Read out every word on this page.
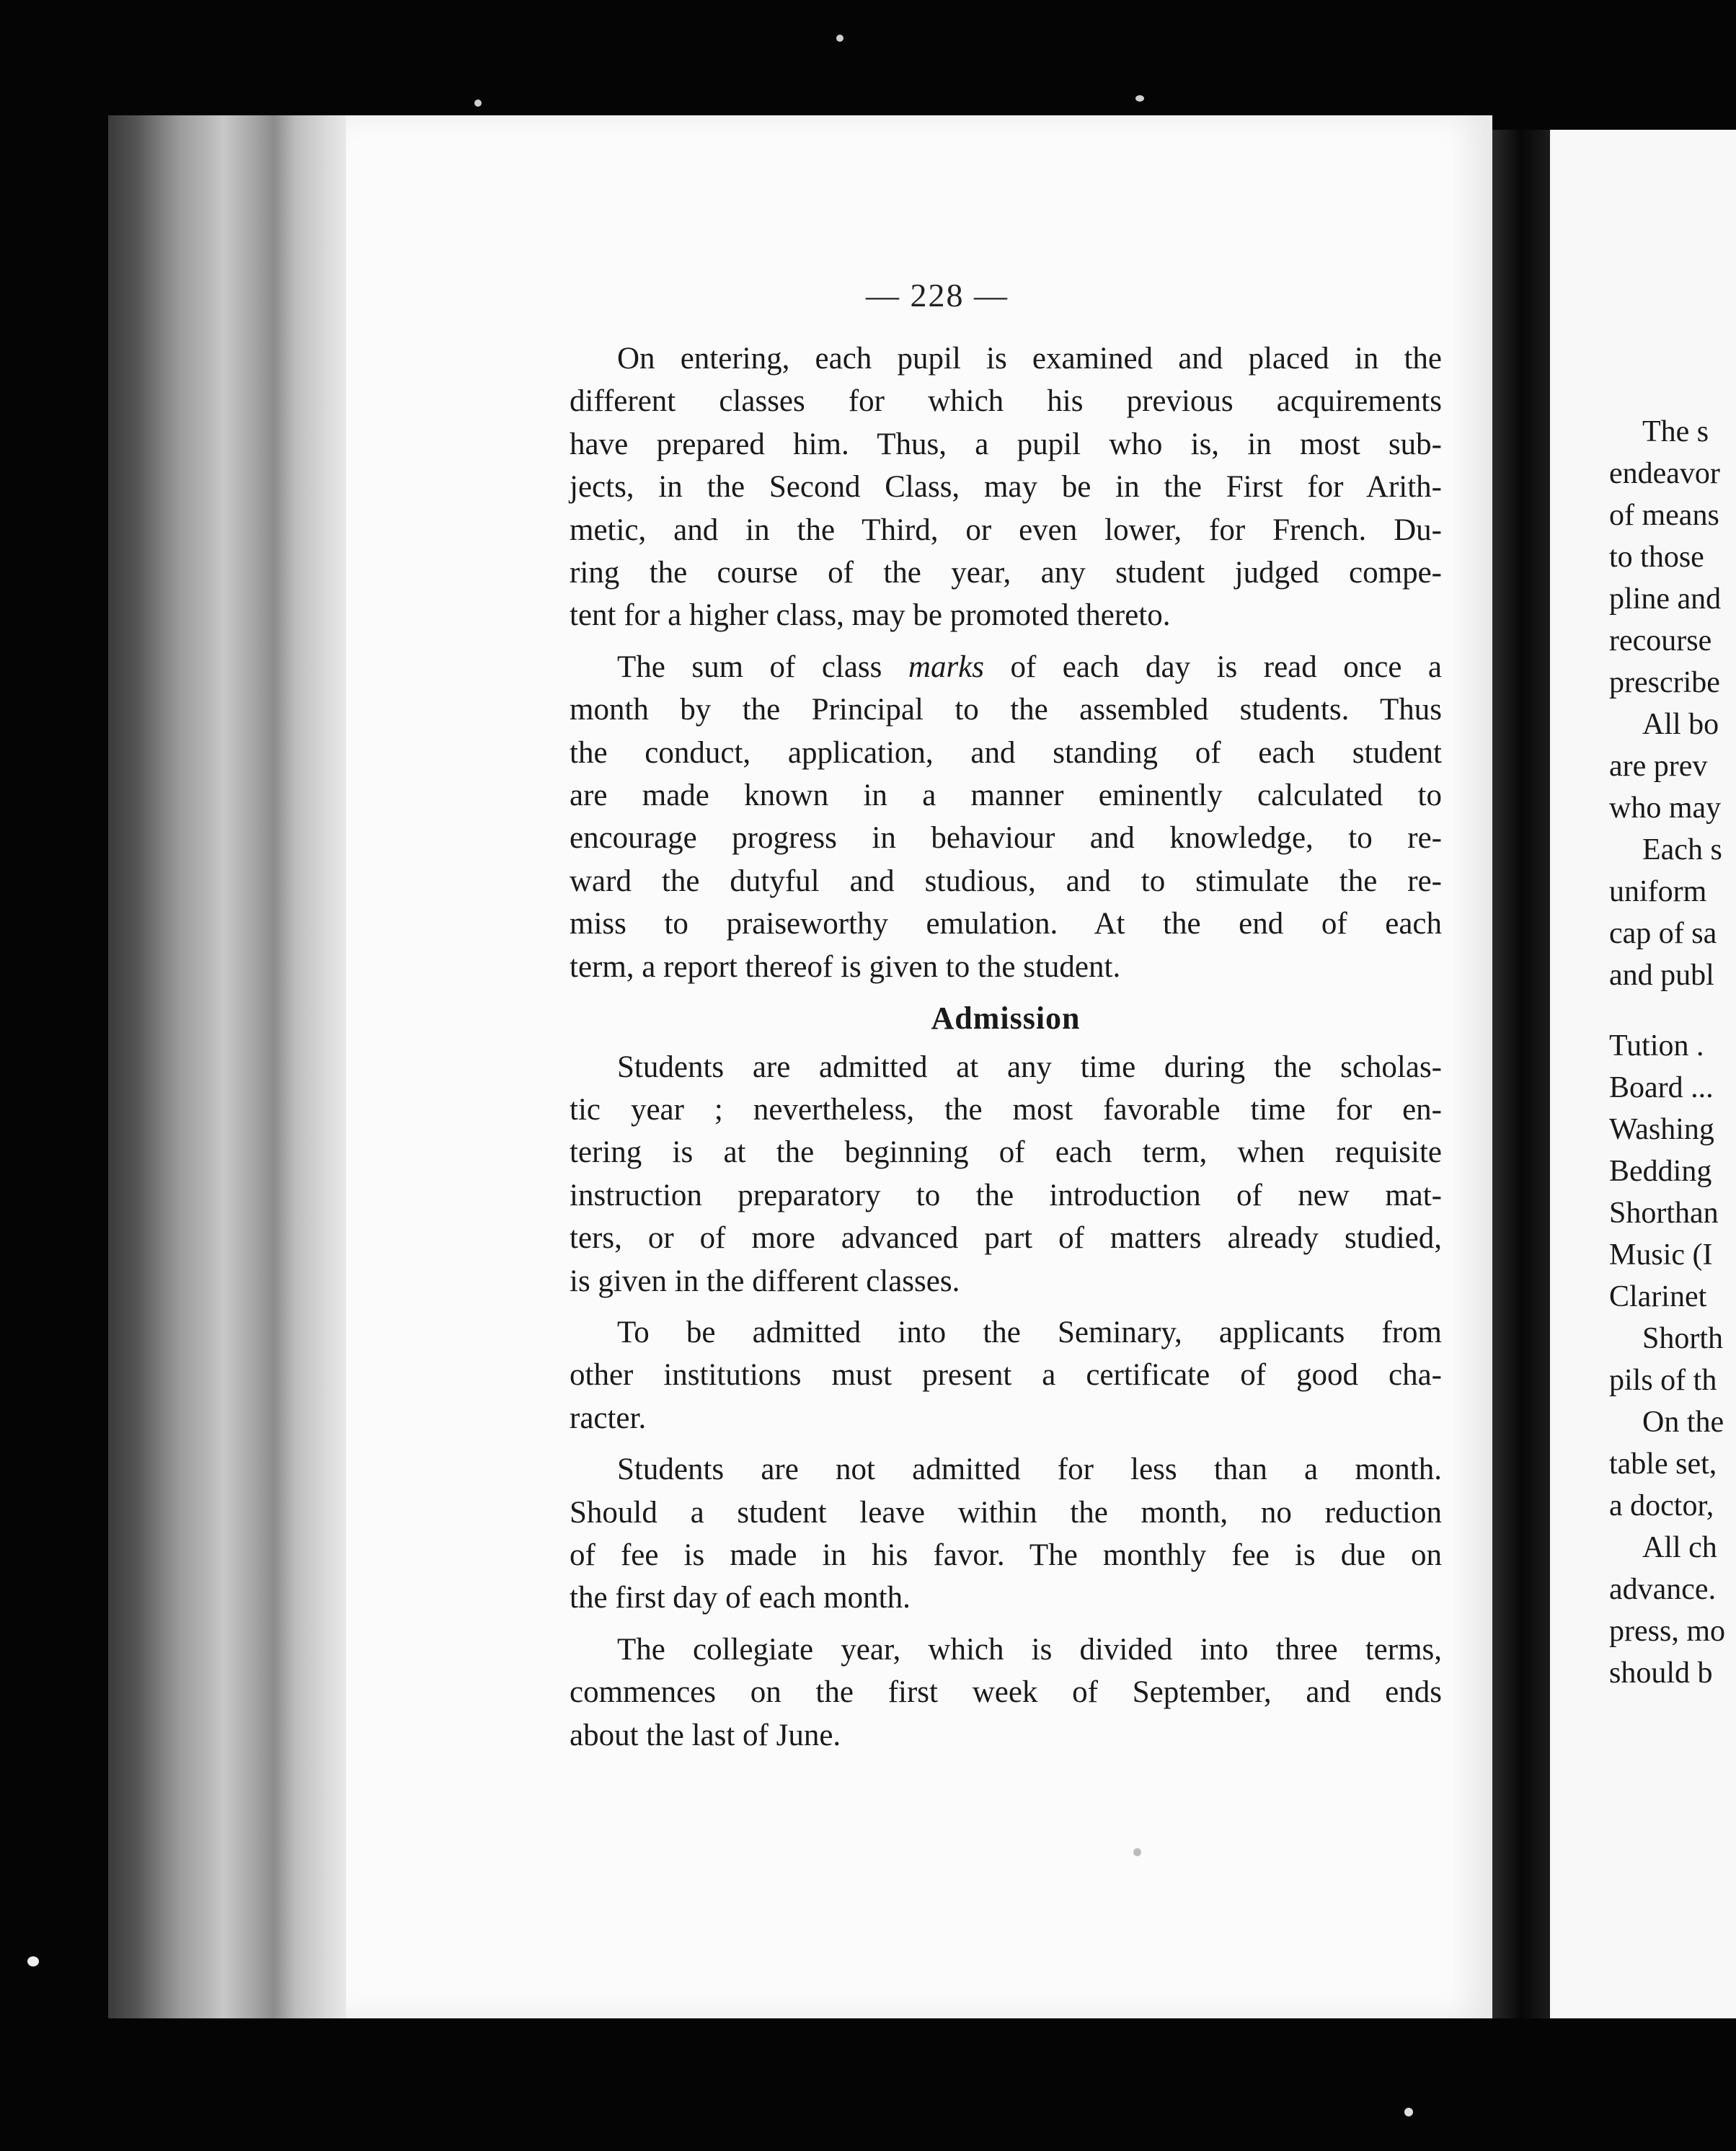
— 228 —
On entering, each pupil is examined and placed in the
different classes for which his previous acquirements
have prepared him. Thus, a pupil who is, in most sub-
jects, in the Second Class, may be in the First for Arith-
metic, and in the Third, or even lower, for French. Du-
ring the course of the year, any student judged compe-
tent for a higher class, may be promoted thereto.
The sum of class marks of each day is read once a
month by the Principal to the assembled students. Thus
the conduct, application, and standing of each student
are made known in a manner eminently calculated to
encourage progress in behaviour and knowledge, to re-
ward the dutyful and studious, and to stimulate the re-
miss to praiseworthy emulation. At the end of each
term, a report thereof is given to the student.
Admission
Students are admitted at any time during the scholas-
tic year ; nevertheless, the most favorable time for en-
tering is at the beginning of each term, when requisite
instruction preparatory to the introduction of new mat-
ters, or of more advanced part of matters already studied,
is given in the different classes.
To be admitted into the Seminary, applicants from
other institutions must present a certificate of good cha-
racter.
Students are not admitted for less than a month.
Should a student leave within the month, no reduction
of fee is made in his favor. The monthly fee is due on
the first day of each month.
The collegiate year, which is divided into three terms,
commences on the first week of September, and ends
about the last of June.
The s
endeavor
of means
to those
pline and
recourse
prescribe
All bo
are prev
who may
Each s
uniform
cap of sa
and publ
Tution .
Board ...
Washing
Bedding
Shorthan
Music (I
Clarinet
Shorth
pils of th
On the
table set,
a doctor,
All ch
advance.
press, mo
should b
